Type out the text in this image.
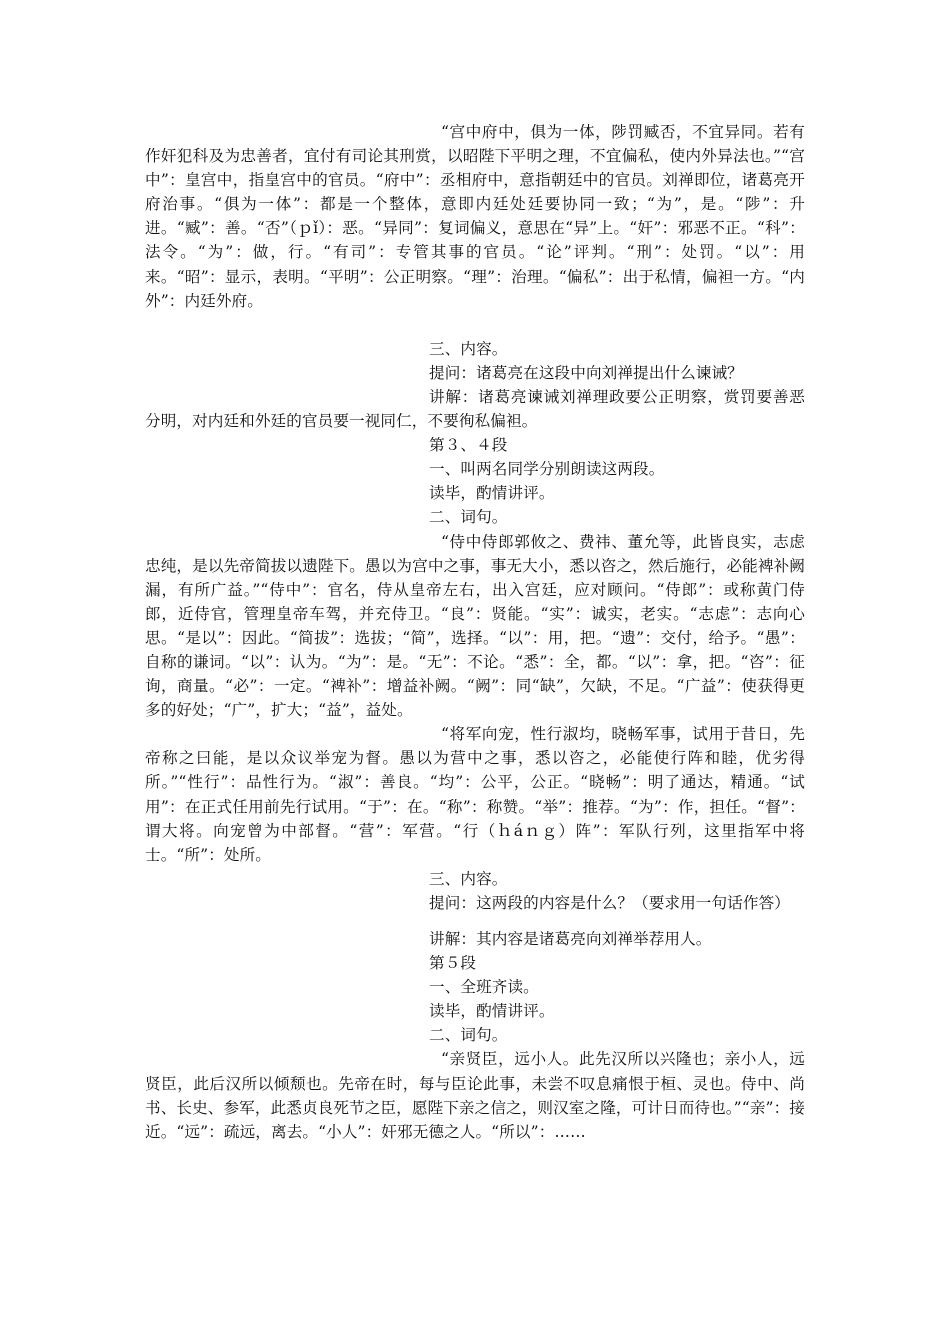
“宫中府中，俱为一体，陟罚臧否，不宜异同。若有作奸犯科及为忠善者，宜付有司论其刑赏，以昭陛下平明之理，不宜偏私，使内外异法也。”“宫中”：皇宫中，指皇宫中的官员。“府中”：丞相府中，意指朝廷中的官员。刘禅即位，诸葛亮开府治事。“俱为一体”：都是一个整体，意即内廷处廷要协同一致；“为”，是。“陟”：升进。“臧”：善。“否”（ｐǐ）：恶。“异同”：复词偏义，意思在“异”上。“奸”：邪恶不正。“科”：法令。“为”：做，行。“有司”：专管其事的官员。“论”评判。“刑”：处罚。“以”：用来。“昭”：显示，表明。“平明”：公正明察。“理”：治理。“偏私”：出于私情，偏袒一方。“内外”：内廷外府。

三、内容。

提问：诸葛亮在这段中向刘禅提出什么谏诫？

讲解：诸葛亮谏诫刘禅理政要公正明察，赏罚要善恶分明，对内廷和外廷的官员要一视同仁，不要徇私偏袒。

第３、４段

一、叫两名同学分别朗读这两段。

读毕，酌情讲评。

二、词句。

“侍中侍郎郭攸之、费祎、董允等，此皆良实，志虑忠纯，是以先帝简拔以遗陛下。愚以为宫中之事，事无大小，悉以咨之，然后施行，必能裨补阙漏，有所广益。”“侍中”：官名，侍从皇帝左右，出入宫廷，应对顾问。“侍郎”：或称黄门侍郎，近侍官，管理皇帝车驾，并充侍卫。“良”：贤能。“实”：诚实，老实。“志虑”：志向心思。“是以”：因此。“简拔”：选拔；“简”，选择。“以”：用，把。“遗”：交付，给予。“愚”：自称的谦词。“以”：认为。“为”：是。“无”：不论。“悉”：全，都。“以”：拿，把。“咨”：征询，商量。“必”：一定。“裨补”：增益补阙。“阙”：同“缺”，欠缺，不足。“广益”：使获得更多的好处；“广”，扩大；“益”，益处。

“将军向宠，性行淑均，晓畅军事，试用于昔日，先帝称之曰能，是以众议举宠为督。愚以为营中之事，悉以咨之，必能使行阵和睦，优劣得所。”“性行”：品性行为。“淑”：善良。“均”：公平，公正。“晓畅”：明了通达，精通。“试用”：在正式任用前先行试用。“于”：在。“称”：称赞。“举”：推荐。“为”：作，担任。“督”：谓大将。向宠曾为中部督。“营”：军营。“行（ｈáｎｇ）阵”：军队行列，这里指军中将士。“所”：处所。

三、内容。

提问：这两段的内容是什么？（要求用一句话作答）

讲解：其内容是诸葛亮向刘禅举荐用人。

第５段

一、全班齐读。

读毕，酌情讲评。

二、词句。

“亲贤臣，远小人。此先汉所以兴隆也；亲小人，远贤臣，此后汉所以倾颓也。先帝在时，每与臣论此事，未尝不叹息痛恨于桓、灵也。侍中、尚书、长史、参军，此悉贞良死节之臣，愿陛下亲之信之，则汉室之隆，可计日而待也。”“亲”：接近。“远”：疏远，离去。“小人”：奸邪无德之人。“所以”：……
